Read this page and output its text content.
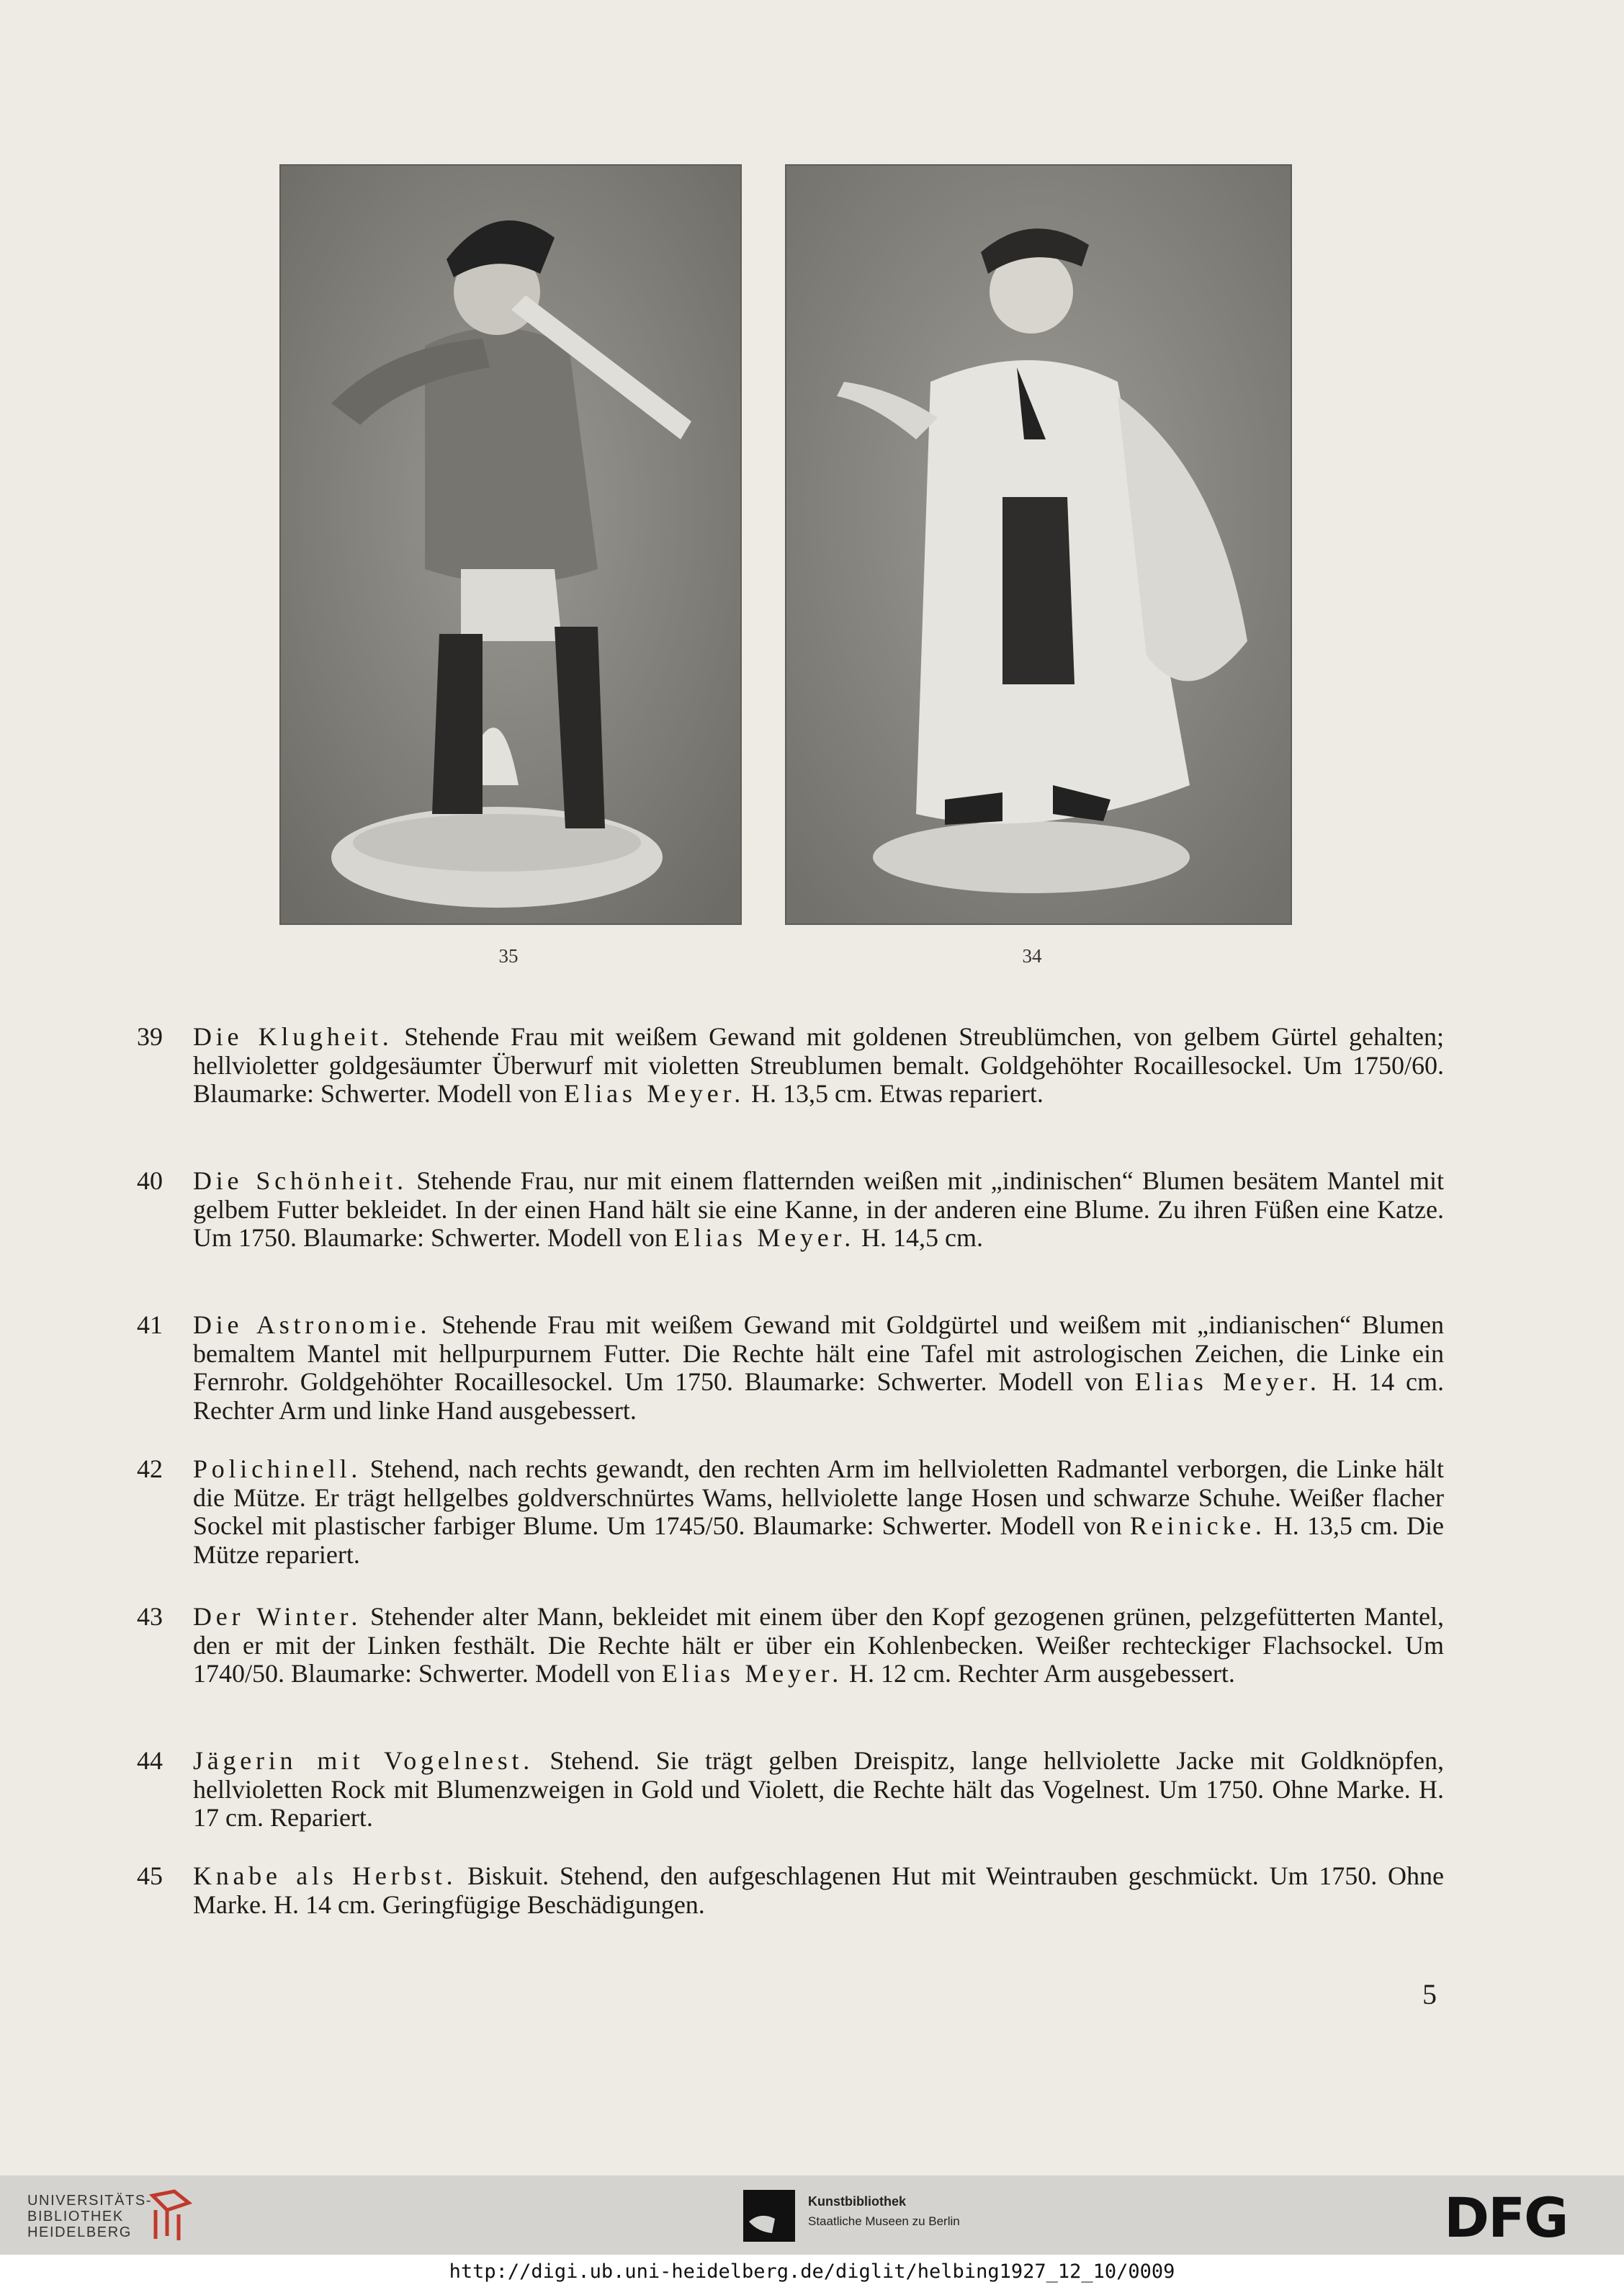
35	34
39	Die Klugheit. Stehende Frau mit weißem Gewand mit goldenen Streublümchen, von gelbem Gürtel gehalten; hellvioletter goldgesäumter Überwurf mit violetten Streublumen bemalt. Goldgehöhter Rocaillesockel. Um 1750/60. Blaumarke: Schwerter. Modell von Elias Meyer. H. 13,5 cm. Etwas repariert.
40	Die Schönheit. Stehende Frau, nur mit einem flatternden weißen mit „indinischen“ Blumen besätem Mantel mit gelbem Futter bekleidet. In der einen Hand hält sie eine Kanne, in der anderen eine Blume. Zu ihren Füßen eine Katze. Um 1750. Blaumarke: Schwerter. Modell von Elias Meyer. H. 14,5 cm.
41	Die Astronomie. Stehende Frau mit weißem Gewand mit Goldgürtel und weißem mit „indianischen“ Blumen bemaltem Mantel mit hellpurpurnem Futter. Die Rechte hält eine Tafel mit astrologischen Zeichen, die Linke ein Fernrohr. Goldgehöhter Rocaillesockel. Um 1750. Blaumarke: Schwerter. Modell von Elias Meyer. H. 14 cm. Rechter Arm und linke Hand ausgebessert.
42	Polichinell. Stehend, nach rechts gewandt, den rechten Arm im hellvioletten Radmantel verborgen, die Linke hält die Mütze. Er trägt hellgelbes goldverschnürtes Wams, hellviolette lange Hosen und schwarze Schuhe. Weißer flacher Sockel mit plastischer farbiger Blume. Um 1745/50. Blaumarke: Schwerter. Modell von Reinicke. H. 13,5 cm. Die Mütze repariert.
43	Der Winter. Stehender alter Mann, bekleidet mit einem über den Kopf gezogenen grünen, pelzgefütterten Mantel, den er mit der Linken festhält. Die Rechte hält er über ein Kohlenbecken. Weißer rechteckiger Flachsockel. Um 1740/50. Blaumarke: Schwerter. Modell von Elias Meyer. H. 12 cm. Rechter Arm ausgebessert.
44	Jägerin mit Vogelnest. Stehend. Sie trägt gelben Dreispitz, lange hellviolette Jacke mit Goldknöpfen, hellvioletten Rock mit Blumenzweigen in Gold und Violett, die Rechte hält das Vogelnest. Um 1750. Ohne Marke. H. 17 cm. Repariert.
45	Knabe als Herbst. Biskuit. Stehend, den aufgeschlagenen Hut mit Weintrauben geschmückt. Um 1750. Ohne Marke. H. 14 cm. Geringfügige Beschädigungen.
5
UNIVERSITÄTS-
BIBLIOTHEK
HEIDELBERG
Kunstbibliothek
Staatliche Museen zu Berlin	DFG
http://digi.ub.uni-heidelberg.de/diglit/helbing1927_12_10/0009
